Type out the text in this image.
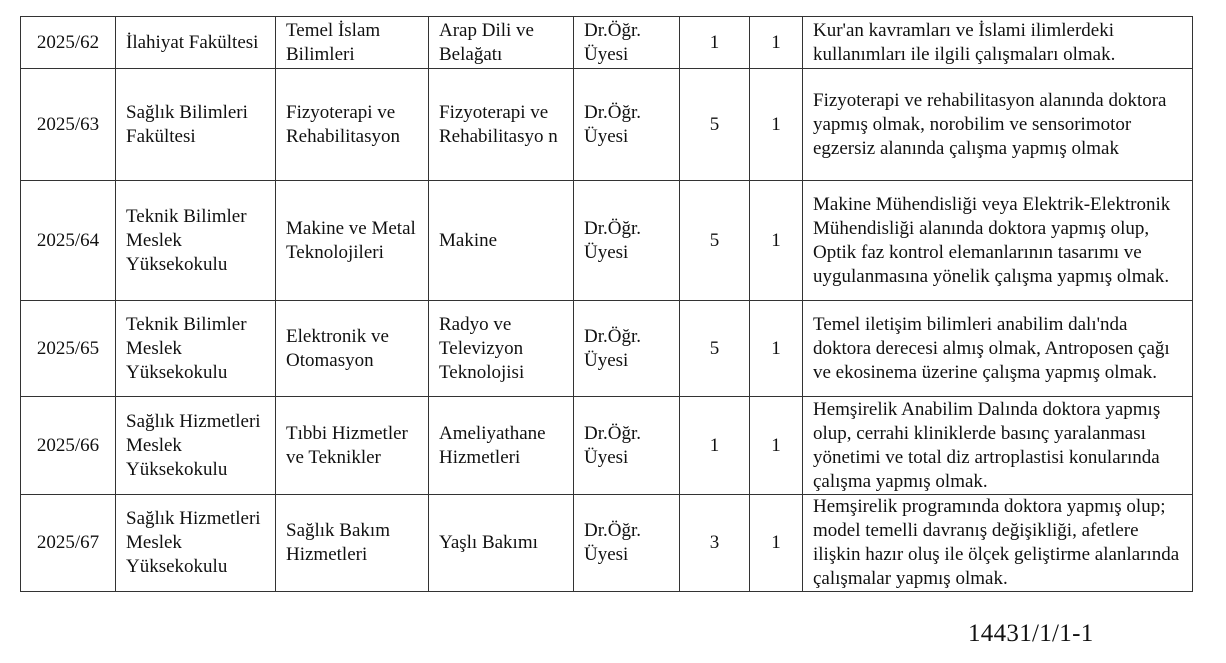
2025/62	İlahiyat Fakültesi	Temel İslam Bilimleri	Arap Dili ve Belağatı	Dr.Öğr. Üyesi	1	1	Kur'an kavramları ve İslami ilimlerdeki kullanımları ile ilgili çalışmaları olmak.
2025/63	Sağlık Bilimleri Fakültesi	Fizyoterapi ve Rehabilitasyon	Fizyoterapi ve Rehabilitasyo n	Dr.Öğr. Üyesi	5	1	Fizyoterapi ve rehabilitasyon alanında doktora yapmış olmak, norobilim ve sensorimotor egzersiz alanında çalışma yapmış olmak
2025/64	Teknik Bilimler Meslek Yüksekokulu	Makine ve Metal Teknolojileri	Makine	Dr.Öğr. Üyesi	5	1	Makine Mühendisliği veya Elektrik-Elektronik Mühendisliği alanında doktora yapmış olup, Optik faz kontrol elemanlarının tasarımı ve uygulanmasına yönelik çalışma yapmış olmak.
2025/65	Teknik Bilimler Meslek Yüksekokulu	Elektronik ve Otomasyon	Radyo ve Televizyon Teknolojisi	Dr.Öğr. Üyesi	5	1	Temel iletişim bilimleri anabilim dalı'nda doktora derecesi almış olmak, Antroposen çağı ve ekosinema üzerine çalışma yapmış olmak.
2025/66	Sağlık Hizmetleri Meslek Yüksekokulu	Tıbbi Hizmetler ve Teknikler	Ameliyathane Hizmetleri	Dr.Öğr. Üyesi	1	1	Hemşirelik Anabilim Dalında doktora yapmış olup, cerrahi kliniklerde basınç yaralanması yönetimi ve total diz artroplastisi konularında çalışma yapmış olmak.
2025/67	Sağlık Hizmetleri Meslek Yüksekokulu	Sağlık Bakım Hizmetleri	Yaşlı Bakımı	Dr.Öğr. Üyesi	3	1	Hemşirelik programında doktora yapmış olup; model temelli davranış değişikliği, afetlere ilişkin hazır oluş ile ölçek geliştirme alanlarında çalışmalar yapmış olmak.
14431/1/1-1
